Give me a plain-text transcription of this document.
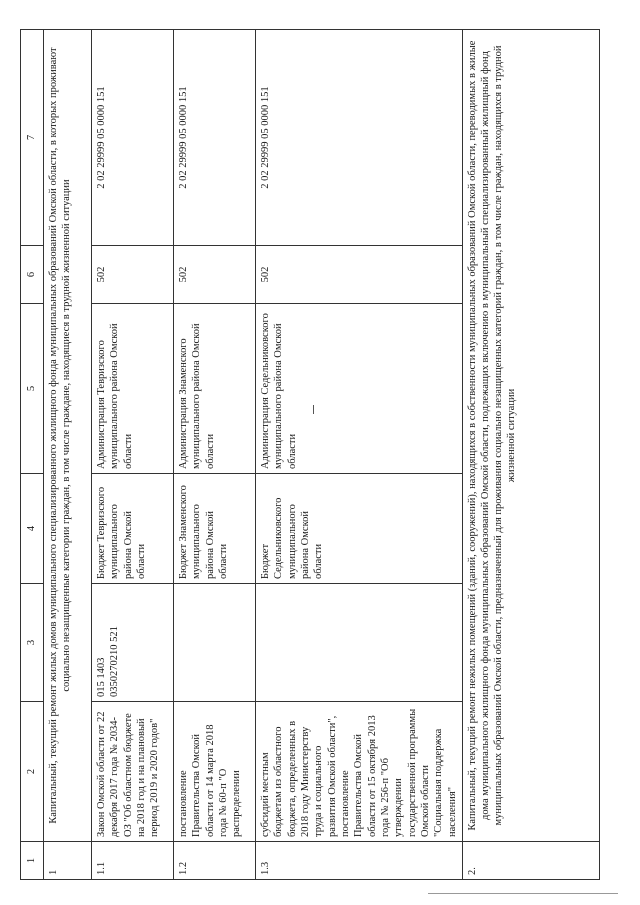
1	2	3	4	5	6	7
1	Капитальный, текущий ремонт жилых домов муниципального специализированного жилищного фонда муниципальных образований Омской области, в которых проживают социально незащищенные категории граждан, в том числе граждане, находящиеся в трудной жизненной ситуации					
1.1	Закон Омской области от 22 декабря 2017 года № 2034-ОЗ "Об областном бюджете на 2018 год и на плановый период 2019 и 2020 годов"	015 1403 0350270210 521	Бюджет Тевризского муниципального района Омской области	Администрация Тевризского муниципального района Омской области	502	2 02 29999 05 0000 151
1.2	постановление Правительства Омской области от 14 марта 2018 года № 60-п "О распределении		Бюджет Знаменского муниципального района Омской области	Администрация Знаменского муниципального района Омской области	502	2 02 29999 05 0000 151
1.3	субсидий местным бюджетам из областного бюджета, определенных в 2018 году Министерству труда и социального развития Омской области", постановление Правительства Омской области от 15 октября 2013 года № 256-п "Об утверждении государственной программы Омской области "Социальная поддержка населения"		Бюджет Седельниковского муниципального района Омской области	Администрация Седельниковского муниципального района Омской области	502	2 02 29999 05 0000 151
2.	Капитальный, текущий ремонт нежилых помещений (зданий, сооружений), находящихся в собственности муниципальных образований Омской области, переводимых в жилые дома муниципального жилищного фонда муниципальных образований Омской области, подлежащих включению в муниципальный специализированный жилищный фонд муниципальных образований Омской области, предназначенный для проживания социально незащищенных категорий граждан, в том числе граждан, находящихся в трудной жизненной ситуации					
